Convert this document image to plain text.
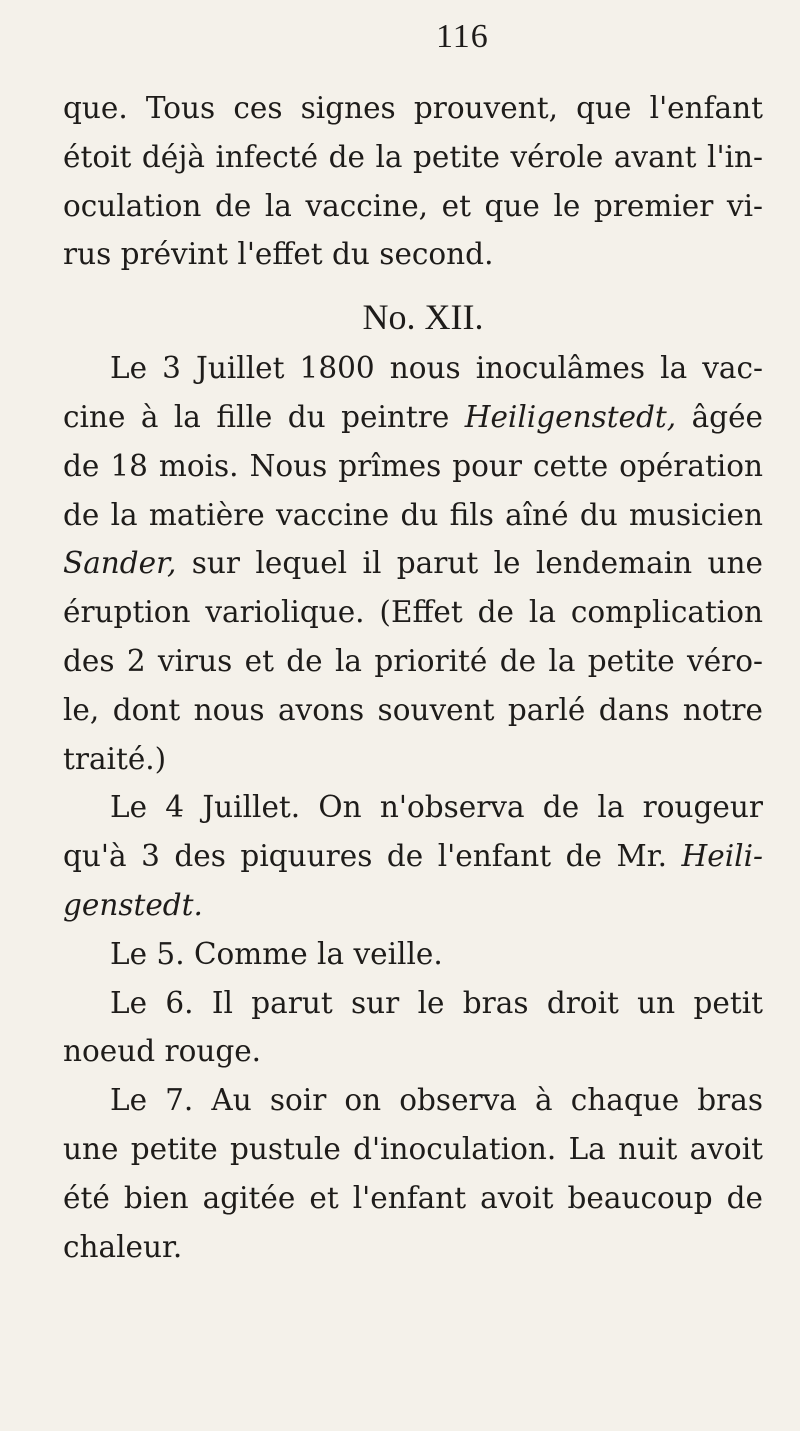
116
que. Tous ces signes prouvent, que l'enfant
étoit déjà infecté de la petite vérole avant l'in-
oculation de la vaccine, et que le premier vi-
rus prévint l'effet du second.
No. XII.
Le 3 Juillet 1800 nous inoculâmes la vac-
cine à la fille du peintre Heiligenstedt, âgée
de 18 mois. Nous prîmes pour cette opération
de la matière vaccine du fils aîné du musicien
Sander, sur lequel il parut le lendemain une
éruption variolique. (Effet de la complication
des 2 virus et de la priorité de la petite véro-
le, dont nous avons souvent parlé dans notre
traité.)
Le 4 Juillet. On n'observa de la rougeur
qu'à 3 des piquures de l'enfant de Mr. Heili-
genstedt.
Le 5. Comme la veille.
Le 6. Il parut sur le bras droit un petit
noeud rouge.
Le 7. Au soir on observa à chaque bras
une petite pustule d'inoculation. La nuit avoit
été bien agitée et l'enfant avoit beaucoup de
chaleur.
